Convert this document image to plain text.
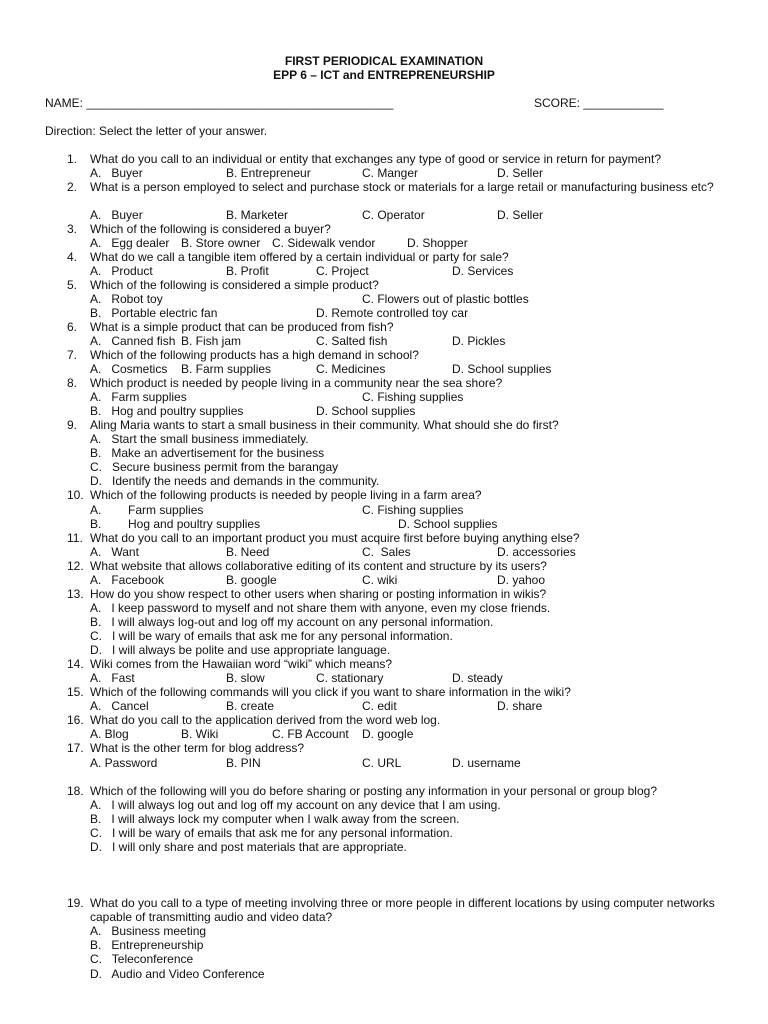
FIRST PERIODICAL EXAMINATION
EPP 6 – ICT and ENTREPRENEURSHIP
NAME: ______________________________________________	SCORE: ____________
Direction: Select the letter of your answer.
1. What do you call to an individual or entity that exchanges any type of good or service in return for payment?
A.   Buyer	B. Entrepreneur	C. Manger	D. Seller
2. What is a person employed to select and purchase stock or materials for a large retail or manufacturing business etc?
A.   Buyer	B. Marketer	C. Operator	D. Seller
3. Which of the following is considered a buyer?
A.   Egg dealer B. Store owner C. Sidewalk vendor	D. Shopper
4. What do we call a tangible item offered by a certain individual or party for sale?
A.   Product	B. Profit	C. Project	D. Services
5. Which of the following is considered a simple product?
A.   Robot toy	C. Flowers out of plastic bottles
B.   Portable electric fan	D. Remote controlled toy car
6. What is a simple product that can be produced from fish?
A.   Canned fish B. Fish jam	C. Salted fish	D. Pickles
7. Which of the following products has a high demand in school?
A.   Cosmetics B. Farm supplies	C. Medicines	D. School supplies
8. Which product is needed by people living in a community near the sea shore?
A.   Farm supplies	C. Fishing supplies
B.   Hog and poultry supplies	D. School supplies
9. Aling Maria wants to start a small business in their community. What should she do first?
A.   Start the small business immediately.
B.   Make an advertisement for the business
C.   Secure business permit from the barangay
D.   Identify the needs and demands in the community.
10. Which of the following products is needed by people living in a farm area?
A.        Farm supplies	C. Fishing supplies
B.        Hog and poultry supplies	D. School supplies
11. What do you call to an important product you must acquire first before buying anything else?
A.   Want	B. Need	C.  Sales	D. accessories
12. What website that allows collaborative editing of its content and structure by its users?
A.   Facebook	B. google	C. wiki	D. yahoo
13. How do you show respect to other users when sharing or posting information in wikis?
A.   I keep password to myself and not share them with anyone, even my close friends.
B.   I will always log-out and log off my account on any personal information.
C.   I will be wary of emails that ask me for any personal information.
D.   I will always be polite and use appropriate language.
14. Wiki comes from the Hawaiian word “wiki” which means?
A.   Fast	B. slow	C. stationary	D. steady
15. Which of the following commands will you click if you want to share information in the wiki?
A.   Cancel	B. create	C. edit	D. share
16. What do you call to the application derived from the word web log.
A. Blog	B. Wiki	C. FB Account D. google
17. What is the other term for blog address?
A. Password	B. PIN	C. URL	D. username
18. Which of the following will you do before sharing or posting any information in your personal or group blog?
A.   I will always log out and log off my account on any device that I am using.
B.   I will always lock my computer when I walk away from the screen.
C.   I will be wary of emails that ask me for any personal information.
D.   I will only share and post materials that are appropriate.
19. What do you call to a type of meeting involving three or more people in different locations by using computer networks capable of transmitting audio and video data?
A.   Business meeting
B.   Entrepreneurship
C.   Teleconference
D.   Audio and Video Conference
